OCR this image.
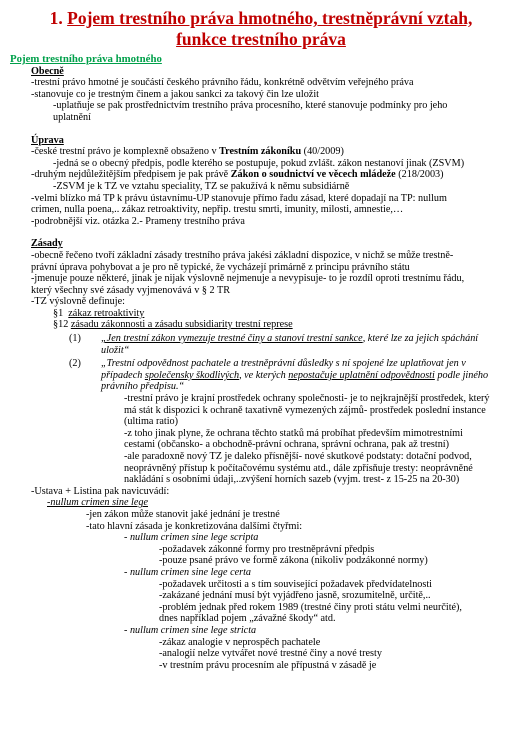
1. Pojem trestního práva hmotného, trestněprávní vztah,
funkce trestního práva
Pojem trestního práva hmotného
Obecně
-trestní právo hmotné je součástí českého právního řádu, konkrétně odvětvím veřejného práva
-stanovuje co je trestným činem a jakou sankci za takový čin lze uložit
-uplatňuje se pak prostřednictvím trestního práva procesního, které stanovuje podmínky pro jeho
uplatnění
Úprava
-české trestní právo je komplexně obsaženo v Trestním zákoníku (40/2009)
-jedná se o obecný předpis, podle kterého se postupuje, pokud zvlášt. zákon nestanoví jinak (ZSVM)
-druhým nejdůležitějším předpisem je pak právě Zákon o soudnictví ve věcech mládeže (218/2003)
-ZSVM je k TZ ve vztahu speciality, TZ se pakužívá k němu subsidiárně
-velmi blízko má TP k právu ústavnímu-UP stanovuje přímo řadu zásad, které dopadají na TP: nullum
crimen, nulla poena,.. zákaz retroaktivity, nepřip. trestu smrti, imunity, milosti, amnestie,…
-podrobnější viz. otázka 2.- Prameny trestního práva
Zásady
-obecně řečeno tvoří základní zásady trestního práva jakési základní dispozice, v nichž se může trestně-
právní úprava pohybovat a je pro ně typické, že vycházejí primárně z principu právního státu
-jmenuje pouze některé, jinak je nijak výslovně nejmenuje a nevypisuje- to je rozdíl oproti trestnímu řádu,
který všechny své zásady vyjmenovává v § 2 TR
-TZ výslovně definuje:
§1 zákaz retroaktivity
§12 zásadu zákonnosti a zásadu subsidiarity trestní represe
(1)	„Jen trestní zákon vymezuje trestné činy a stanoví trestní sankce, které lze za jejich spáchání uložit“
(2)	„Trestní odpovědnost pachatele a trestněprávní důsledky s ní spojené lze uplatňovat jen v případech společensky škodlivých, ve kterých nepostačuje uplatnění odpovědnosti podle jiného právního předpisu.“
-trestní právo je krajní prostředek ochrany společnosti- je to nejkrajnější prostředek, který má stát k dispozici k ochraně taxativně vymezených zájmů- prostředek poslední instance (ultima ratio)
-z toho jinak plyne, že ochrana těchto statků má probíhat především mimotrestními cestami (občansko- a obchodně-právní ochrana, správní ochrana, pak až trestní)
-ale paradoxně nový TZ je daleko přísnější- nové skutkové podstaty: dotační podvod, neoprávněný přístup k počítačovému systému atd., dále zpřísňuje tresty: neoprávněné nakládání s osobními údaji,..zvýšení horních sazeb (vyjm. trest- z 15-25 na 20-30)
-Ustava + Listina pak navicuvádí:
-nullum crimen sine lege
-jen zákon může stanovit jaké jednání je trestné
-tato hlavní zásada je konkretizována dalšími čtyřmi:
- nullum crimen sine lege scripta
-požadavek zákonné formy pro trestněprávní předpis
-pouze psané právo ve formě zákona (nikoliv podzákonné normy)
- nullum crimen sine lege certa
-požadavek určitosti a s tím související požadavek předvídatelnosti
-zakázané jednání musí být vyjádřeno jasně, srozumitelně, určitě,..
-problém jednak před rokem 1989 (trestné činy proti státu velmi neurčité), dnes například pojem „závažné škody“ atd.
- nullum crimen sine lege stricta
-zákaz analogie v neprospěch pachatele
-analogií nelze vytvářet nové trestné činy a nové tresty
-v trestním právu procesním ale přípustná v zásadě je
